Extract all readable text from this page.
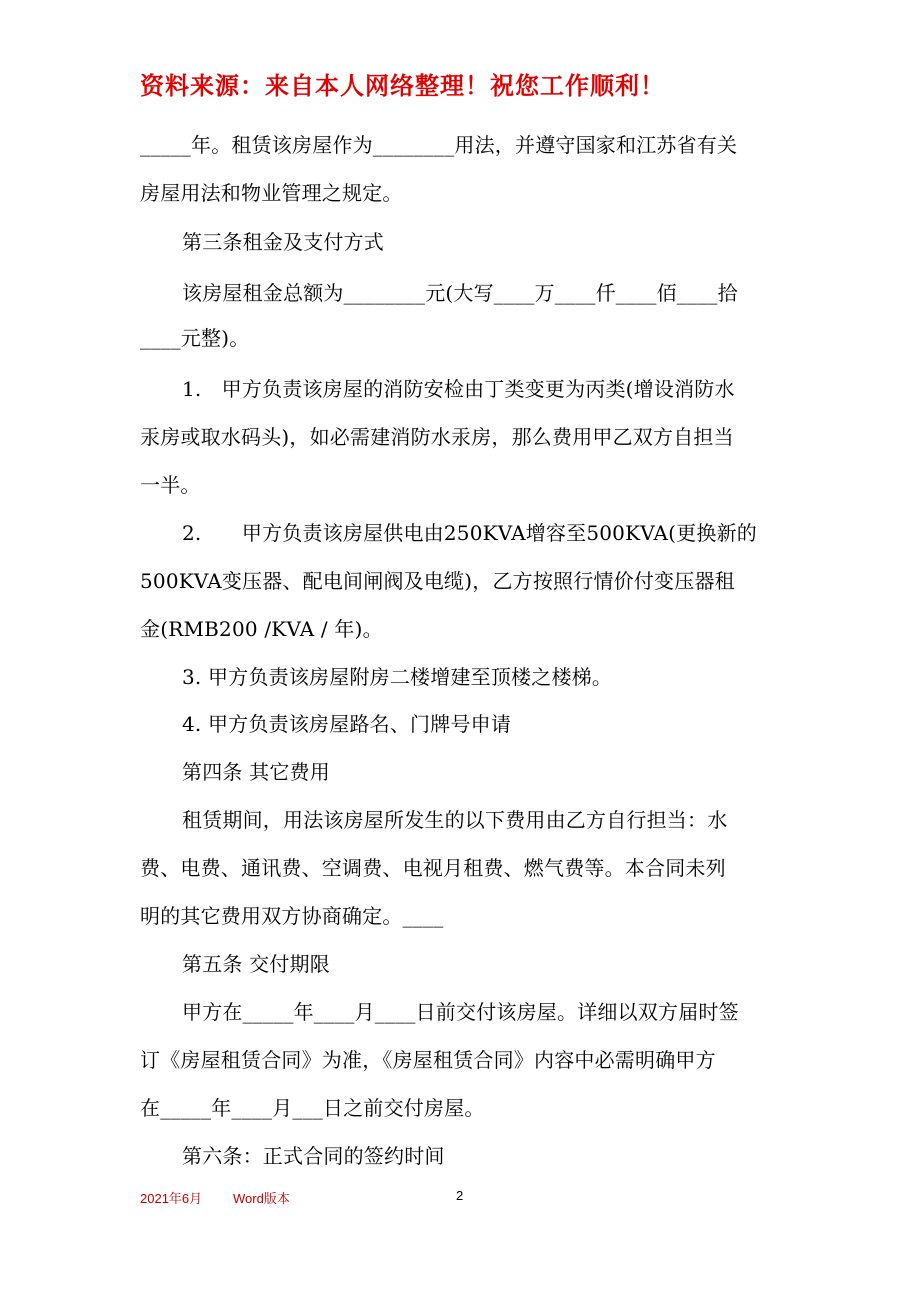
资料来源：来自本人网络整理！祝您工作顺利！
_____年。租赁该房屋作为________用法，并遵守国家和江苏省有关
房屋用法和物业管理之规定。
第三条租金及支付方式
该房屋租金总额为________元(大写____万____仟____佰____拾
____元整)。
1.　甲方负责该房屋的消防安检由丁类变更为丙类(增设消防水
汞房或取水码头)，如必需建消防水汞房，那么费用甲乙双方自担当
一半。
2.　　甲方负责该房屋供电由250KVA增容至500KVA(更换新的
500KVA变压器、配电间闸阀及电缆)，乙方按照行情价付变压器租
金(RMB200 /KVA / 年)。
3. 甲方负责该房屋附房二楼增建至顶楼之楼梯。
4. 甲方负责该房屋路名、门牌号申请
第四条 其它费用
租赁期间，用法该房屋所发生的以下费用由乙方自行担当：水
费、电费、通讯费、空调费、电视月租费、燃气费等。本合同未列
明的其它费用双方协商确定。____
第五条 交付期限
甲方在_____年____月____日前交付该房屋。详细以双方届时签
订《房屋租赁合同》为准，《房屋租赁合同》内容中必需明确甲方
在_____年____月___日之前交付房屋。
第六条：正式合同的签约时间
2021年6月 Word版本	2
